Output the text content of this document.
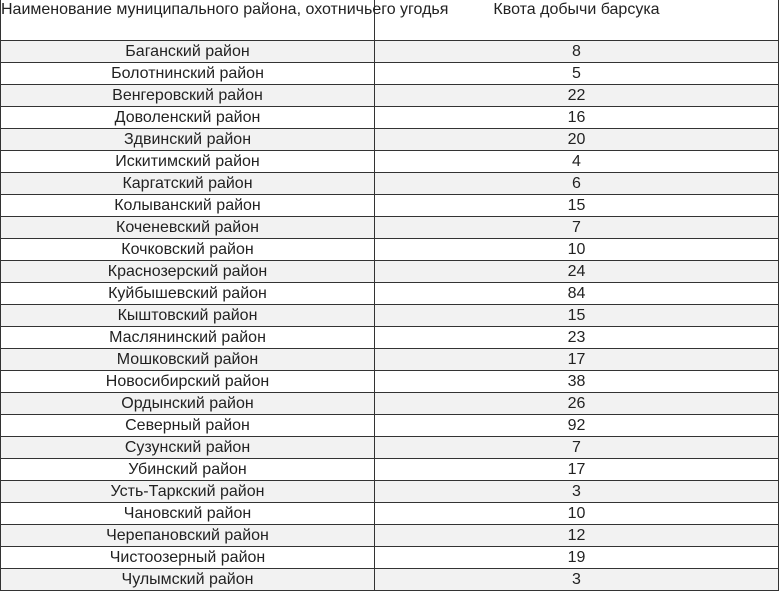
Наименование муниципального района, охотничьего угодья	Квота добычи барсука
Баганский район	8
Болотнинский район	5
Венгеровский район	22
Доволенский район	16
Здвинский район	20
Искитимский район	4
Каргатский район	6
Колыванский район	15
Коченевский район	7
Кочковский район	10
Краснозерский район	24
Куйбышевский район	84
Кыштовский район	15
Маслянинский район	23
Мошковский район	17
Новосибирский район	38
Ордынский район	26
Северный район	92
Сузунский район	7
Убинский район	17
Усть-Таркский район	3
Чановский район	10
Черепановский район	12
Чистоозерный район	19
Чулымский район	3
